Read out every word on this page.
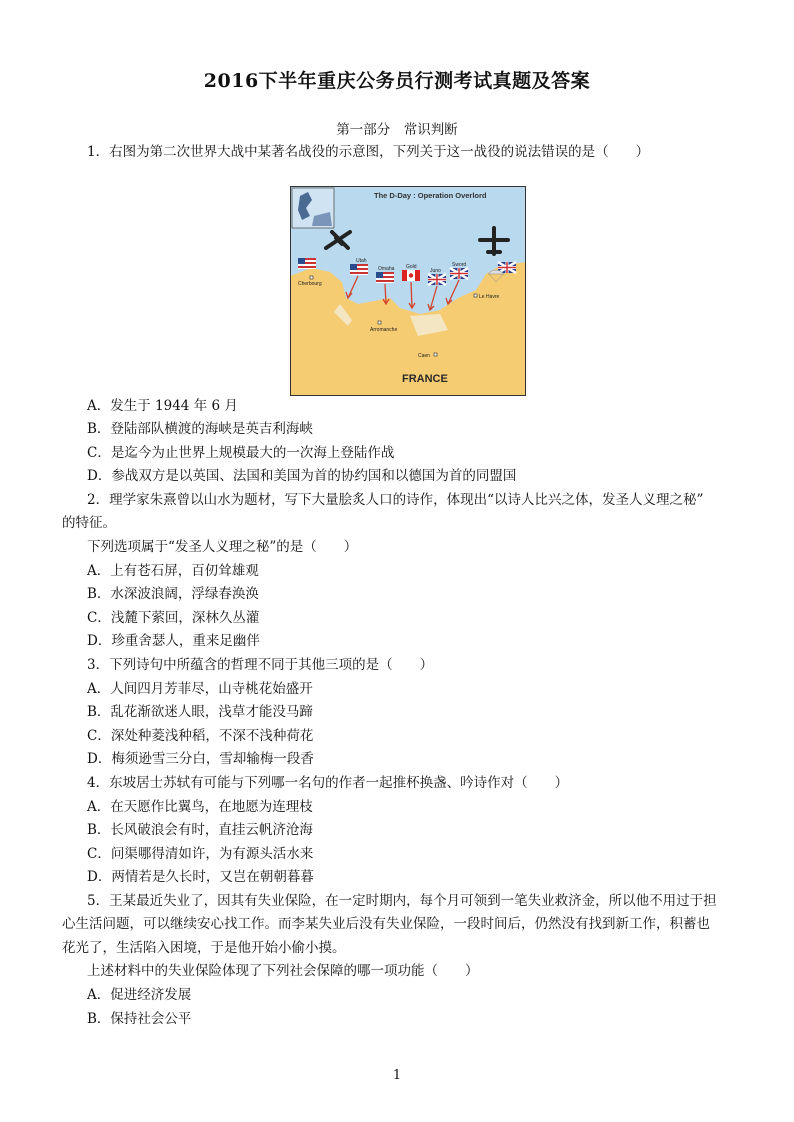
2016下半年重庆公务员行测考试真题及答案
第一部分　常识判断
1．右图为第二次世界大战中某著名战役的示意图，下列关于这一战役的说法错误的是（　　）
The D-Day : Operation Overlord
Utah
Omaha Gold
Juno
Sword
Cherbourg
Arromanche
Caen
Le Havre
FRANCE
A．发生于 1944 年 6 月
B．登陆部队横渡的海峡是英吉利海峡
C．是迄今为止世界上规模最大的一次海上登陆作战
D．参战双方是以英国、法国和美国为首的协约国和以德国为首的同盟国
2．理学家朱熹曾以山水为题材，写下大量脍炙人口的诗作，体现出“以诗人比兴之体，发圣人义理之秘”
的特征。
下列选项属于“发圣人义理之秘”的是（　　）
A．上有苍石屏，百仞耸雄观
B．水深波浪阔，浮绿春涣涣
C．浅麓下萦回，深林久丛灌
D．珍重舍瑟人，重来足幽伴
3．下列诗句中所蕴含的哲理不同于其他三项的是（　　）
A．人间四月芳菲尽，山寺桃花始盛开
B．乱花渐欲迷人眼，浅草才能没马蹄
C．深处种菱浅种稻，不深不浅种荷花
D．梅须逊雪三分白，雪却输梅一段香
4．东坡居士苏轼有可能与下列哪一名句的作者一起推杯换盏、吟诗作对（　　）
A．在天愿作比翼鸟，在地愿为连理枝
B．长风破浪会有时，直挂云帆济沧海
C．问渠哪得清如许，为有源头活水来
D．两情若是久长时，又岂在朝朝暮暮
5．王某最近失业了，因其有失业保险，在一定时期内，每个月可领到一笔失业救济金，所以他不用过于担
心生活问题，可以继续安心找工作。而李某失业后没有失业保险，一段时间后，仍然没有找到新工作，积蓄也
花光了，生活陷入困境，于是他开始小偷小摸。
上述材料中的失业保险体现了下列社会保障的哪一项功能（　　）
A．促进经济发展
B．保持社会公平
1
